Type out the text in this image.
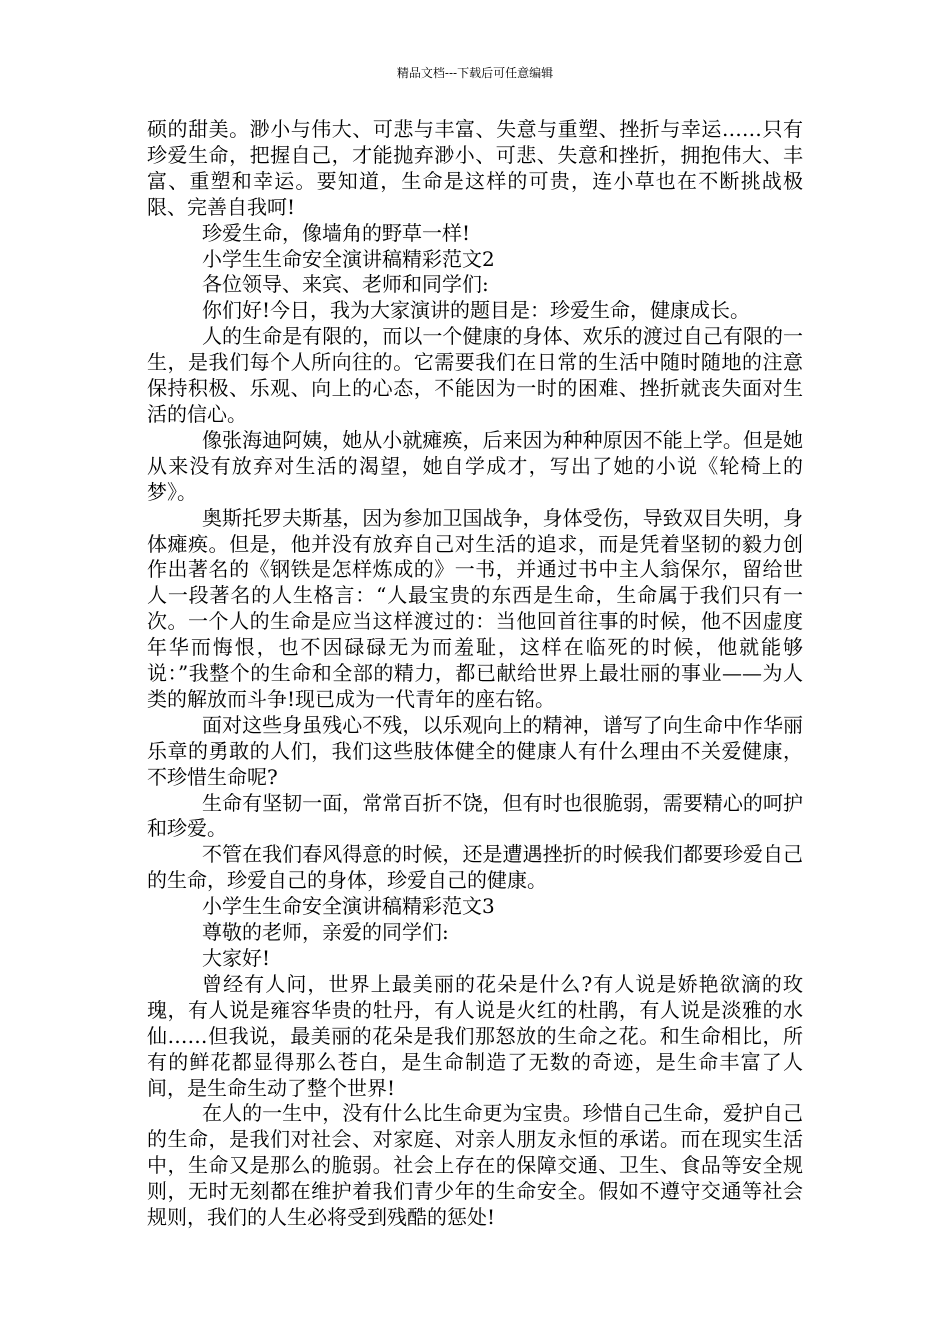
精品文档---下载后可任意编辑

硕的甜美。渺小与伟大、可悲与丰富、失意与重塑、挫折与幸运……只有珍爱生命，把握自己，才能抛弃渺小、可悲、失意和挫折，拥抱伟大、丰富、重塑和幸运。要知道，生命是这样的可贵，连小草也在不断挑战极限、完善自我呵!

珍爱生命，像墙角的野草一样!

小学生生命安全演讲稿精彩范文2

各位领导、来宾、老师和同学们:

你们好!今日，我为大家演讲的题目是：珍爱生命，健康成长。

人的生命是有限的，而以一个健康的身体、欢乐的渡过自己有限的一生，是我们每个人所向往的。它需要我们在日常的生活中随时随地的注意保持积极、乐观、向上的心态，不能因为一时的困难、挫折就丧失面对生活的信心。

像张海迪阿姨，她从小就瘫痪，后来因为种种原因不能上学。但是她从来没有放弃对生活的渴望，她自学成才，写出了她的小说《轮椅上的梦》。

奥斯托罗夫斯基，因为参加卫国战争，身体受伤，导致双目失明，身体瘫痪。但是，他并没有放弃自己对生活的追求，而是凭着坚韧的毅力创作出著名的《钢铁是怎样炼成的》一书，并通过书中主人翁保尔，留给世人一段著名的人生格言：“人最宝贵的东西是生命，生命属于我们只有一次。一个人的生命是应当这样渡过的：当他回首往事的时候，他不因虚度年华而悔恨，也不因碌碌无为而羞耻，这样在临死的时候，他就能够说：”我整个的生命和全部的精力，都已献给世界上最壮丽的事业——为人类的解放而斗争!现已成为一代青年的座右铭。

面对这些身虽残心不残，以乐观向上的精神，谱写了向生命中作华丽乐章的勇敢的人们，我们这些肢体健全的健康人有什么理由不关爱健康，不珍惜生命呢?

生命有坚韧一面，常常百折不饶，但有时也很脆弱，需要精心的呵护和珍爱。

不管在我们春风得意的时候，还是遭遇挫折的时候我们都要珍爱自己的生命，珍爱自己的身体，珍爱自己的健康。

小学生生命安全演讲稿精彩范文3

尊敬的老师，亲爱的同学们:

大家好!

曾经有人问，世界上最美丽的花朵是什么?有人说是娇艳欲滴的玫瑰，有人说是雍容华贵的牡丹，有人说是火红的杜鹃，有人说是淡雅的水仙……但我说，最美丽的花朵是我们那怒放的生命之花。和生命相比，所有的鲜花都显得那么苍白，是生命制造了无数的奇迹，是生命丰富了人间，是生命生动了整个世界!

在人的一生中，没有什么比生命更为宝贵。珍惜自己生命，爱护自己的生命，是我们对社会、对家庭、对亲人朋友永恒的承诺。而在现实生活中，生命又是那么的脆弱。社会上存在的保障交通、卫生、食品等安全规则，无时无刻都在维护着我们青少年的生命安全。假如不遵守交通等社会规则，我们的人生必将受到残酷的惩处!
